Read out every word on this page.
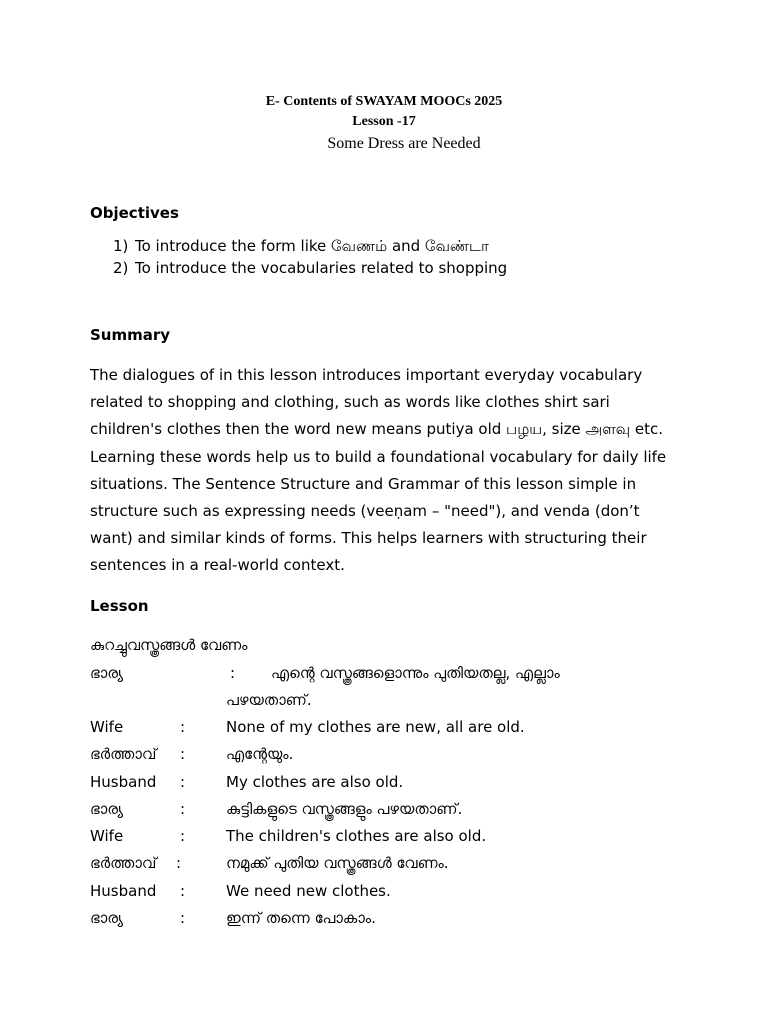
E- Contents of SWAYAM MOOCs 2025
Lesson -17
Some Dress are Needed
Objectives
1) To introduce the form like வேணம் and வேண்டா
2) To introduce the vocabularies related to shopping
Summary
The dialogues of in this lesson introduces important everyday vocabulary
related to shopping and clothing, such as words like clothes shirt sari
children's clothes then the word new means putiya old பழய, size அளவு etc.
Learning these words help us to build a foundational vocabulary for daily life
situations. The Sentence Structure and Grammar of this lesson simple in
structure such as expressing needs (veeṇam – "need"), and venda (don’t
want) and similar kinds of forms. This helps learners with structuring their
sentences in a real-world context.
Lesson
കുറച്ചുവസ്ത്രങ്ങൾ വേണം
ഭാര്യ	: എന്റെ വസ്ത്രങ്ങളൊന്നും പുതിയതല്ല, എല്ലാം
പഴയതാണ്.
Wife	:	None of my clothes are new, all are old.
ഭർത്താവ് :	എന്റേയും.
Husband :	My clothes are also old.
ഭാര്യ	:	കുട്ടികളുടെ വസ്ത്രങ്ങളും പഴയതാണ്.
Wife	:	The children's clothes are also old.
ഭർത്താവ് :	നമുക്ക് പുതിയ വസ്ത്രങ്ങൾ വേണം.
Husband :	We need new clothes.
ഭാര്യ	:	ഇന്ന് തന്നെ പോകാം.
